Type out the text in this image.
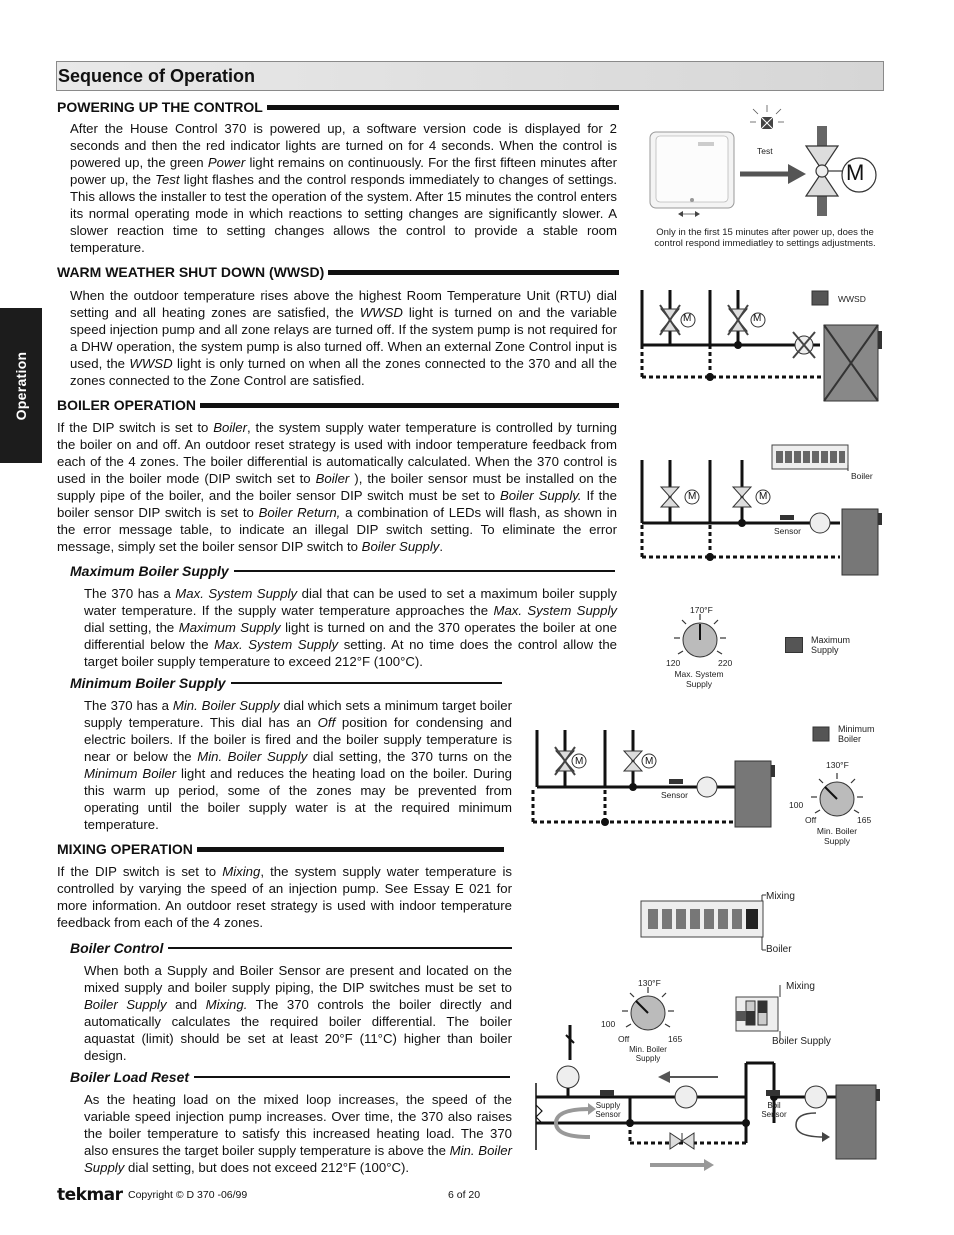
Sequence of Operation
Operation
POWERING UP THE CONTROL
After the House Control 370 is powered up, a software version code is displayed for 2 seconds and then the red indicator lights are turned on for 4 seconds. When the control is powered up, the green Power light remains on continuously. For the first fifteen minutes after power up, the Test light flashes and the control responds immediately to changes of settings. This allows the installer to test the operation of the system. After 15 minutes the control enters its normal operating mode in which reactions to setting changes are significantly slower. A slower reaction time to setting changes allows the control to provide a stable room temperature.
WARM WEATHER SHUT DOWN (WWSD)
When the outdoor temperature rises above the highest Room Temperature Unit (RTU) dial setting and all heating zones are satisfied, the WWSD light is turned on and the variable speed injection pump and all zone relays are turned off. If the system pump is not required for a DHW operation, the system pump is also turned off. When an external Zone Control input is used, the WWSD light is only turned on when all the zones connected to the 370 and all the zones connected to the Zone Control are satisfied.
BOILER OPERATION
If the DIP switch is set to Boiler, the system supply water temperature is controlled by turning the boiler on and off. An outdoor reset strategy is used with indoor temperature feedback from each of the 4 zones. The boiler differential is automatically calculated. When the 370 control is used in the boiler mode (DIP switch set to Boiler ), the boiler sensor must be installed on the supply pipe of the boiler, and the boiler sensor DIP switch must be set to Boiler Supply. If the boiler sensor DIP switch is set to Boiler Return, a combination of LEDs will flash, as shown in the error message table, to indicate an illegal DIP switch setting. To eliminate the error message, simply set the boiler sensor DIP switch to Boiler Supply.
Maximum Boiler Supply
The 370 has a Max. System Supply dial that can be used to set a maximum boiler supply water temperature. If the supply water temperature approaches the Max. System Supply dial setting, the Maximum Supply light is turned on and the 370 operates the boiler at one differential below the Max. System Supply setting. At no time does the control allow the target boiler supply temperature to exceed 212°F (100°C).
Minimum Boiler Supply
The 370 has a Min. Boiler Supply dial which sets a minimum target boiler supply temperature. This dial has an Off position for condensing and electric boilers. If the boiler is fired and the boiler supply temperature is near or below the Min. Boiler Supply dial setting, the 370 turns on the Minimum Boiler light and reduces the heating load on the boiler. During this warm up period, some of the zones may be prevented from operating until the boiler supply water is at the required minimum temperature.
MIXING OPERATION
If the DIP switch is set to Mixing, the system supply water temperature is controlled by varying the speed of an injection pump. See Essay E 021 for more information. An outdoor reset strategy is used with indoor temperature feedback from each of the 4 zones.
Boiler Control
When both a Supply and Boiler Sensor are present and located on the mixed supply and boiler supply piping, the DIP switches must be set to Boiler Supply and Mixing. The 370 controls the boiler directly and automatically calculates the required boiler differential. The boiler aquastat (limit) should be set at least 20°F (11°C) higher than boiler design.
Boiler Load Reset
As the heating load on the mixed loop increases, the speed of the variable speed injection pump increases. Over time, the 370 also raises the boiler temperature to satisfy this increased heating load. The 370 also ensures the target boiler supply temperature is above the Min. Boiler Supply dial setting, but does not exceed 212°F (100°C).
Test
M
Only in the first 15 minutes after power up, does the control respond immediatley to settings adjustments.
M	M
WWSD
M	M
Boiler
Sensor
170°F
120	220
Max. System
Supply
Maximum
Supply
M	M
Sensor
Minimum
Boiler
130°F
100
Off	165
Min. Boiler
Supply
Mixing
Boiler
130°F
100
Off	165
Min. Boiler
Supply
Mixing
Boiler Supply
Supply
Sensor
Boil
Sensor
tekmar Copyright © D 370 -06/99	6 of 20
